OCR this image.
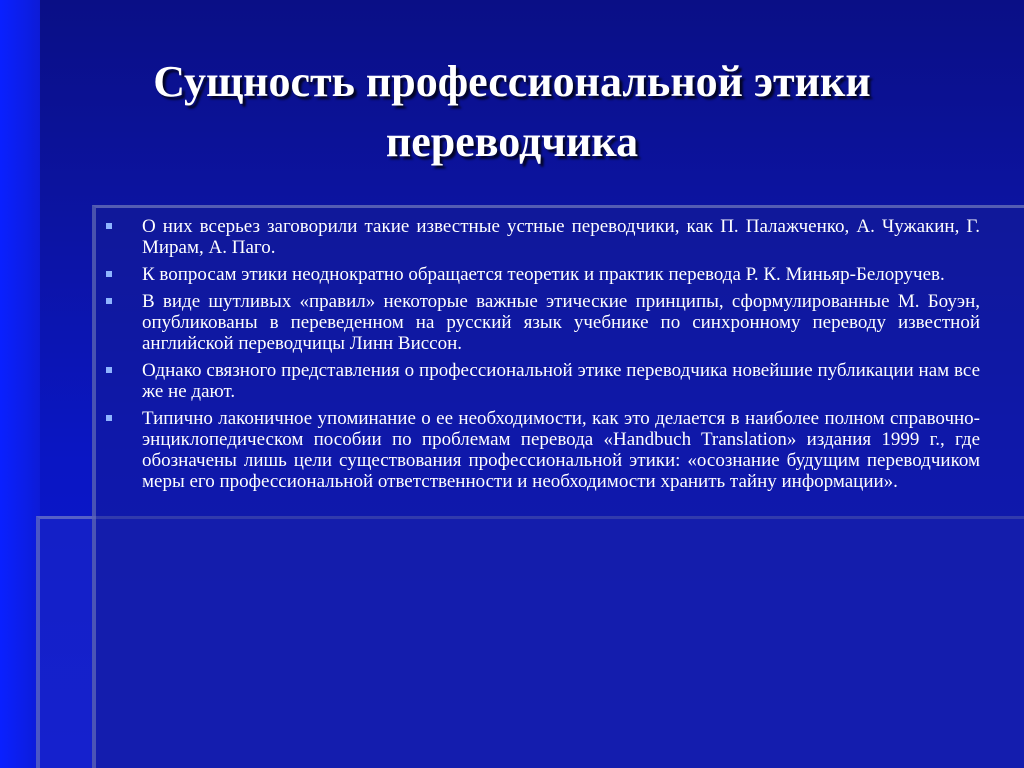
Сущность профессиональной этики переводчика
О них всерьез заговорили такие известные устные переводчики, как П. Палажченко, А. Чужакин, Г. Мирам, А. Паго.
К вопросам этики неоднократно обращается теоретик и практик перевода Р. К. Миньяр-Белоручев.
В виде шутливых «правил» некоторые важные этические принципы, сформулированные М. Боуэн, опубликованы в переведенном на русский язык учебнике по синхронному переводу известной английской переводчицы Линн Виссон.
Однако связного представления о профессиональной этике переводчика новейшие публикации нам все же не дают.
Типично лаконичное упоминание о ее необходимости, как это делается в наиболее полном справочно-энциклопедическом пособии по проблемам перевода «Handbuch Translation» издания 1999 г., где обозначены лишь цели существования профессиональной этики: «осознание будущим переводчиком меры его профессиональной ответственности и необходимости хранить тайну информации».
